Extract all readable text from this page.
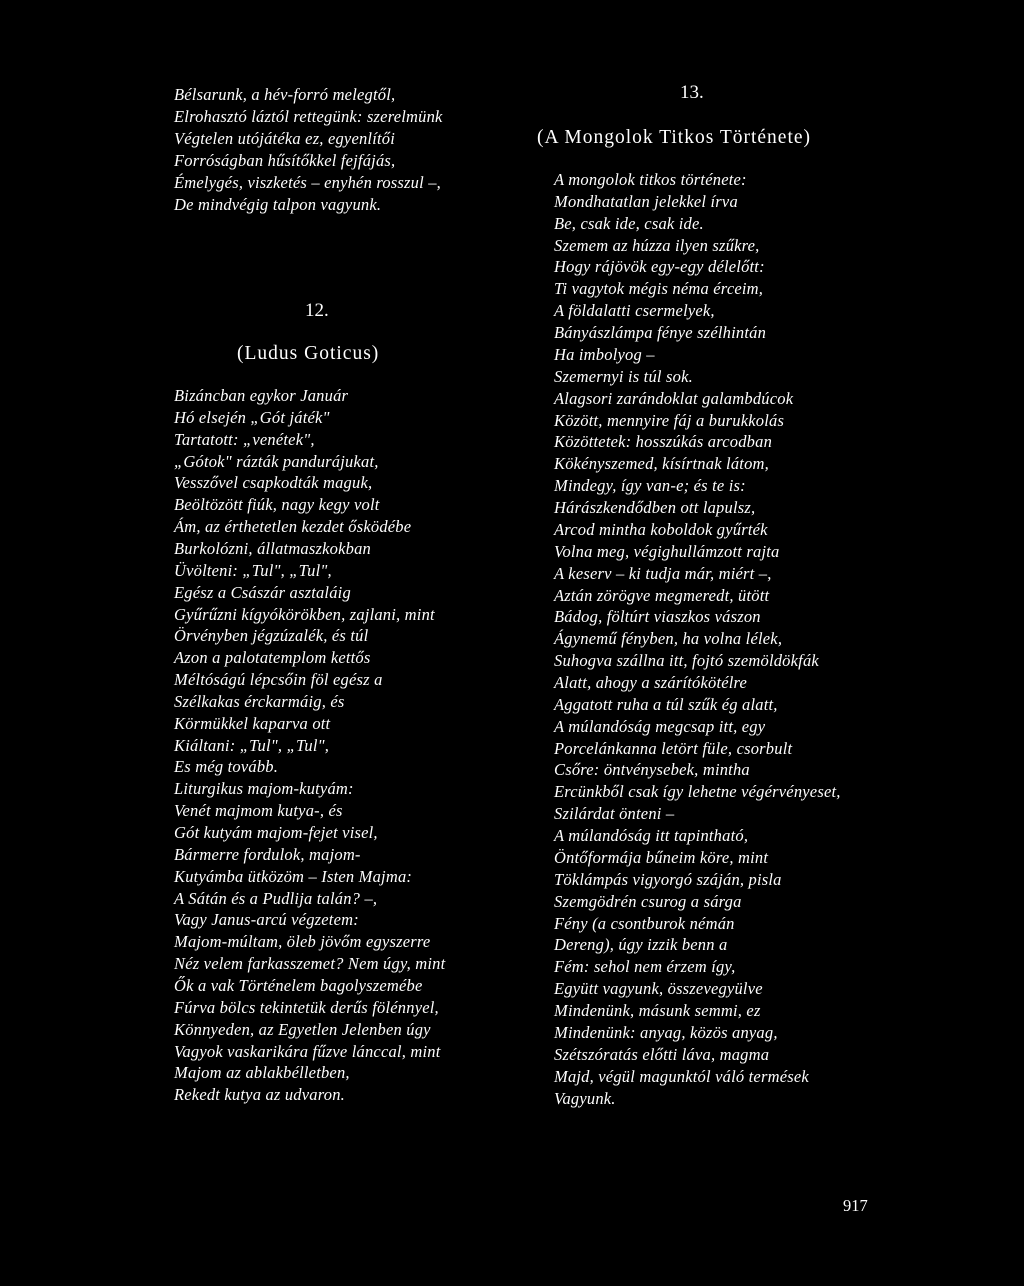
Bélsarunk, a hév-forró melegtől,
Elrohasztó láztól rettegünk: szerelmünk
Végtelen utójátéka ez, egyenlítői
Forróságban hűsítőkkel fejfájás,
Émelygés, viszketés – enyhén rosszul –,
De mindvégig talpon vagyunk.
12.
(Ludus Goticus)
Bizáncban egykor Január
Hó elsején „Gót játék"
Tartatott: „venétek",
„Gótok" rázták pandurájukat,
Vesszővel csapkodták maguk,
Beöltözött fiúk, nagy kegy volt
Ám, az érthetetlen kezdet ősködébe
Burkolózni, állatmaszkokban
Üvölteni: „Tul", „Tul",
Egész a Császár asztaláig
Gyűrűzni kígyókörökben, zajlani, mint
Örvényben jégzúzalék, és túl
Azon a palotatemplom kettős
Méltóságú lépcsőin föl egész a
Szélkakas érckarmáig, és
Körmükkel kaparva ott
Kiáltani: „Tul", „Tul",
Es még tovább.
Liturgikus majom-kutyám:
Venét majmom kutya-, és
Gót kutyám majom-fejet visel,
Bármerre fordulok, majom-
Kutyámba ütközöm – Isten Majma:
A Sátán és a Pudlija talán? –,
Vagy Janus-arcú végzetem:
Majom-múltam, öleb jövőm egyszerre
Néz velem farkasszemet? Nem úgy, mint
Ők a vak Történelem bagolyszemébe
Fúrva bölcs tekintetük derűs fölénnyel,
Könnyeden, az Egyetlen Jelenben úgy
Vagyok vaskarikára fűzve lánccal, mint
Majom az ablakbélletben,
Rekedt kutya az udvaron.
13.
(A Mongolok Titkos Története)
A mongolok titkos története:
Mondhatatlan jelekkel írva
Be, csak ide, csak ide.
Szemem az húzza ilyen szűkre,
Hogy rájövök egy-egy délelőtt:
Ti vagytok mégis néma érceim,
A földalatti csermelyek,
Bányászlámpa fénye szélhintán
Ha imbolyog –
Szemernyi is túl sok.
Alagsori zarándoklat galambdúcok
Között, mennyire fáj a burukkolás
Közöttetek: hosszúkás arcodban
Kökényszemed, kísírtnak látom,
Mindegy, így van-e; és te is:
Hárászkendődben ott lapulsz,
Arcod mintha koboldok gyűrték
Volna meg, végighullámzott rajta
A keserv – ki tudja már, miért –,
Aztán zörögve megmeredt, ütött
Bádog, föltúrt viaszkos vászon
Ágynemű fényben, ha volna lélek,
Suhogva szállna itt, fojtó szemöldökfák
Alatt, ahogy a szárítókötélre
Aggatott ruha a túl szűk ég alatt,
A múlandóság megcsap itt, egy
Porcelánkanna letört füle, csorbult
Csőre: öntvénysebek, mintha
Ercünkből csak így lehetne végérvényeset,
Szilárdat önteni –
A múlandóság itt tapintható,
Öntőformája bűneim köre, mint
Töklámpás vigyorgó száján, pisla
Szemgödrén csurog a sárga
Fény (a csontburok némán
Dereng), úgy izzik benn a
Fém: sehol nem érzem így,
Együtt vagyunk, összevegyülve
Mindenünk, másunk semmi, ez
Mindenünk: anyag, közös anyag,
Szétszóratás előtti láva, magma
Majd, végül magunktól váló termések
Vagyunk.
917
